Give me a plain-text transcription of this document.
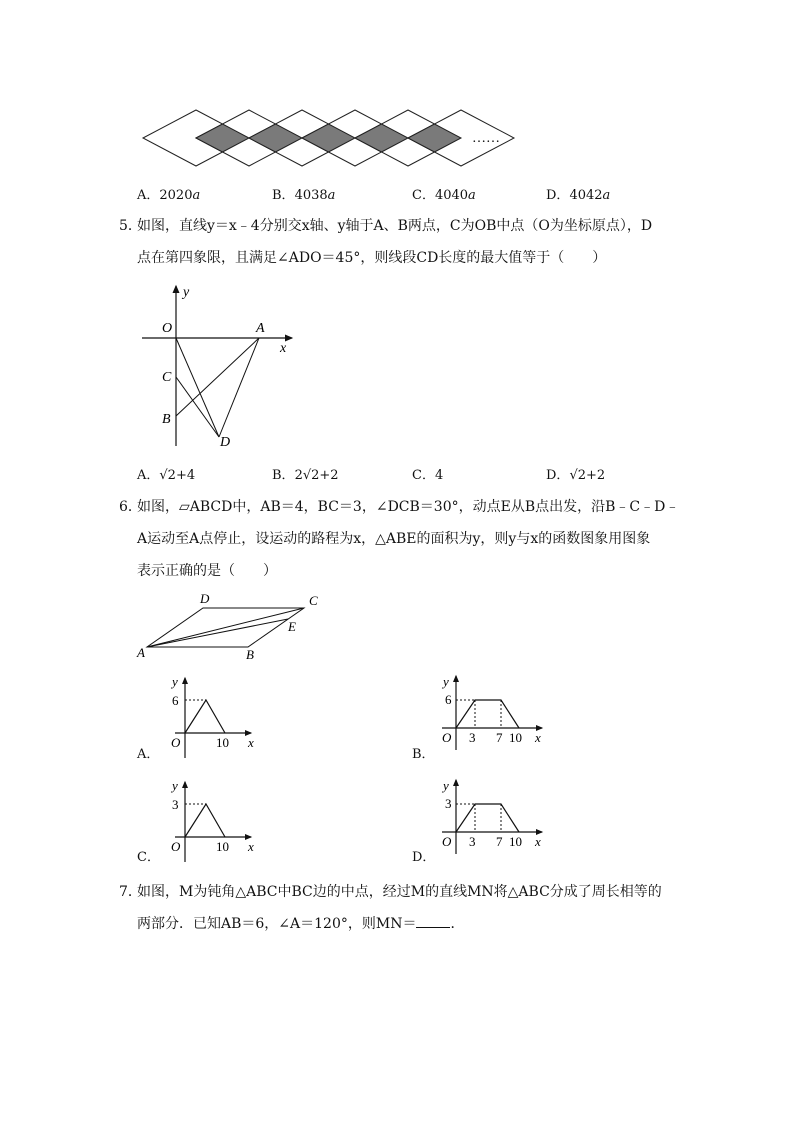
……
A．2020a	B．4038a	C．4040a	D．4042a
5．
如图，直线y＝x﹣4分别交x轴、y轴于A、B两点，C为OB中点（O为坐标原点），D
点在第四象限，且满足∠ADO＝45°，则线段CD长度的最大值等于（　　）
y
O	A
x
C
B
D
A．√2+4	B．2√2+2	C．4	D．√2+2
6．
如图，▱ABCD中，AB＝4，BC＝3，∠DCB＝30°，动点E从B点出发，沿B﹣C﹣D﹣
A运动至A点停止，设运动的路程为x，△ABE的面积为y，则y与x的函数图象用图象
表示正确的是（　　）
D	C
E
A	B
y
6
O	10 x
A．
y
6
O 3 7 10 x
B．
y
3
O	10 x
C．
y
3
O 3 7 10 x
D．
7．
如图，M为钝角△ABC中BC边的中点，经过M的直线MN将△ABC分成了周长相等的
两部分．已知AB＝6，∠A＝120°，则MN＝ ．
